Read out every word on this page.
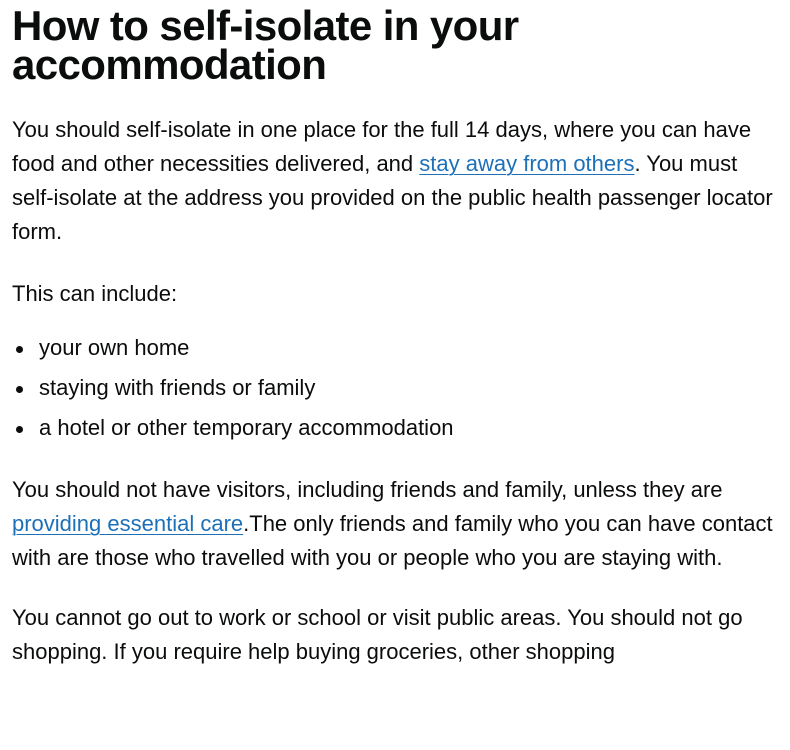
How to self-isolate in your accommodation

You should self-isolate in one place for the full 14 days, where you can have food and other necessities delivered, and stay away from others. You must self-isolate at the address you provided on the public health passenger locator form.

This can include:

your own home
staying with friends or family
a hotel or other temporary accommodation

You should not have visitors, including friends and family, unless they are providing essential care.The only friends and family who you can have contact with are those who travelled with you or people who you are staying with.

You cannot go out to work or school or visit public areas. You should not go shopping. If you require help buying groceries, other shopping
